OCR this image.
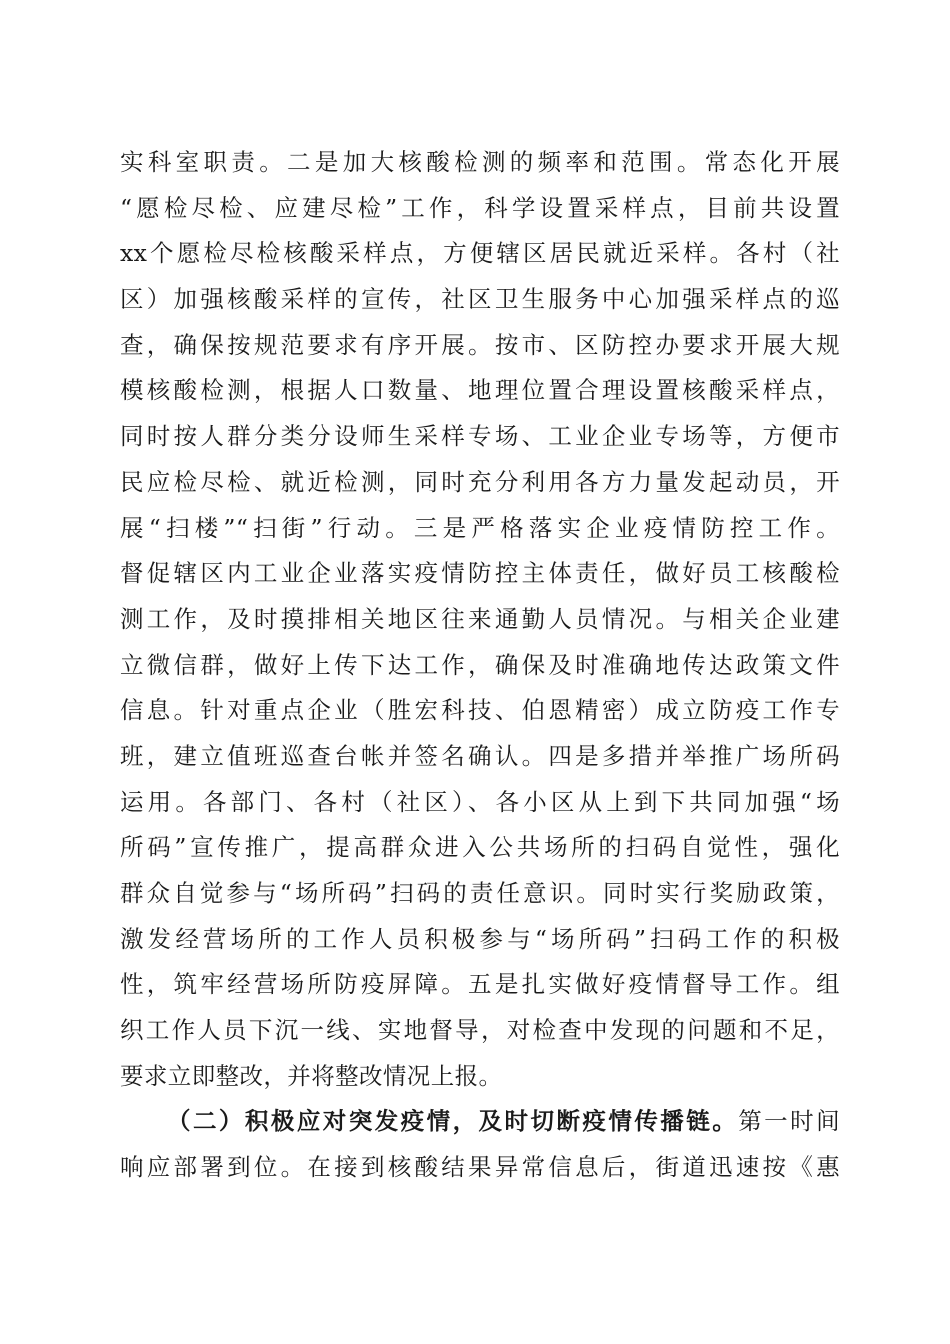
实科室职责。二是加大核酸检测的频率和范围。常态化开展
“愿检尽检、应建尽检”工作，科学设置采样点，目前共设置
xx个愿检尽检核酸采样点，方便辖区居民就近采样。各村（社
区）加强核酸采样的宣传，社区卫生服务中心加强采样点的巡
查，确保按规范要求有序开展。按市、区防控办要求开展大规
模核酸检测，根据人口数量、地理位置合理设置核酸采样点，
同时按人群分类分设师生采样专场、工业企业专场等，方便市
民应检尽检、就近检测，同时充分利用各方力量发起动员，开
展“扫楼”“扫街”行动。三是严格落实企业疫情防控工作。
督促辖区内工业企业落实疫情防控主体责任，做好员工核酸检
测工作，及时摸排相关地区往来通勤人员情况。与相关企业建
立微信群，做好上传下达工作，确保及时准确地传达政策文件
信息。针对重点企业（胜宏科技、伯恩精密）成立防疫工作专
班，建立值班巡查台帐并签名确认。四是多措并举推广场所码
运用。各部门、各村（社区）、各小区从上到下共同加强“场
所码”宣传推广，提高群众进入公共场所的扫码自觉性，强化
群众自觉参与“场所码”扫码的责任意识。同时实行奖励政策，
激发经营场所的工作人员积极参与“场所码”扫码工作的积极
性，筑牢经营场所防疫屏障。五是扎实做好疫情督导工作。组
织工作人员下沉一线、实地督导，对检查中发现的问题和不足，
要求立即整改，并将整改情况上报。
（二）积极应对突发疫情，及时切断疫情传播链。第一时间
响应部署到位。在接到核酸结果异常信息后，街道迅速按《惠
